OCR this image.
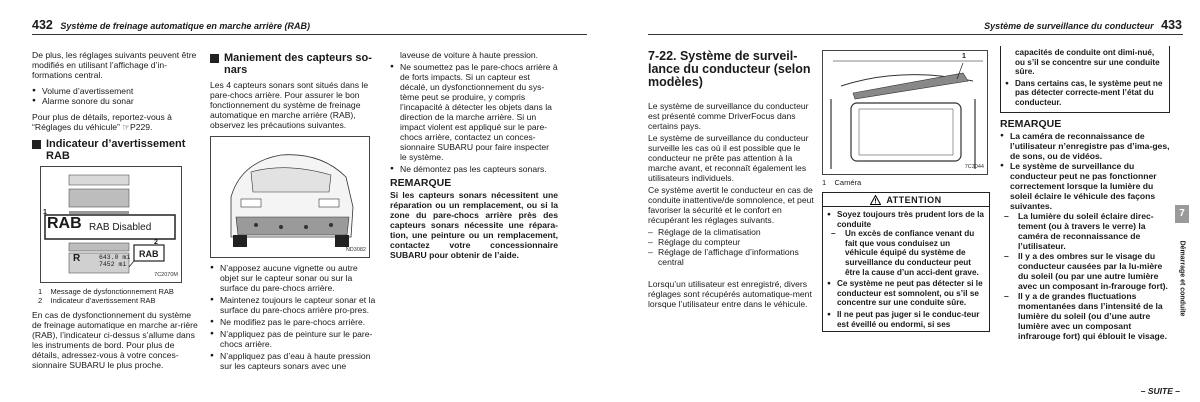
432 Système de freinage automatique en marche arrière (RAB)

De plus, les réglages suivants peuvent être modifiés en utilisant l’affichage d’in-formations central.

● Volume d’avertissement
● Alarme sonore du sonar

Pour plus de détails, reportez-vous à “Réglages du véhicule” ☞P229.

Indicateur d’avertissement RAB
1
RAB RAB Disabled
2
RAB
R	643.0 mi
7452 mi
7C2070M
1 Message de dysfonctionnement RAB
2 Indicateur d’avertissement RAB

En cas de dysfonctionnement du système de freinage automatique en marche ar-rière (RAB), l’indicateur ci-dessus s’allume dans les instruments de bord. Pour plus de détails, adressez-vous à votre conces-sionnaire SUBARU le plus proche.

Maniement des capteurs so-nars

Les 4 capteurs sonars sont situés dans le pare-chocs arrière. Pour assurer le bon fonctionnement du système de freinage automatique en marche arrière (RAB), observez les précautions suivantes.

ND3082
● N’apposez aucune vignette ou autre objet sur le capteur sonar ou sur la surface du pare-chocs arrière.
● Maintenez toujours le capteur sonar et la surface du pare-chocs arrière pro-pres.
● Ne modifiez pas le pare-chocs arrière.
● N’appliquez pas de peinture sur le pare-chocs arrière.
● N’appliquez pas d’eau à haute pression sur les capteurs sonars avec une

laveuse de voiture à haute pression.

● Ne soumettez pas le pare-chocs arrière à de forts impacts. Si un capteur est décalé, un dysfonctionnement du sys-tème peut se produire, y compris l’incapacité à détecter les objets dans la direction de la marche arrière. Si un impact violent est appliqué sur le pare-chocs arrière, contactez un conces-sionnaire SUBARU pour faire inspecter le système.
● Ne démontez pas les capteurs sonars.
REMARQUE

Si les capteurs sonars nécessitent une réparation ou un remplacement, ou si la zone du pare-chocs arrière près des capteurs sonars nécessite une répara-tion, une peinture ou un remplacement, contactez votre concessionnaire SUBARU pour obtenir de l’aide.

Système de surveillance du conducteur 433
7-22. Système de surveil-lance du conducteur (selon modèles)

Le système de surveillance du conducteur est présenté comme DriverFocus dans certains pays.

Le système de surveillance du conducteur surveille les cas où il est possible que le conducteur ne prête pas attention à la marche avant, et reconnaît également les utilisateurs individuels.

Ce système avertit le conducteur en cas de conduite inattentive/de somnolence, et peut favoriser la sécurité et le confort en récupérant les réglages suivants.

– Réglage de la climatisation
– Réglage du compteur
– Réglage de l’affichage d’informations central

Lorsqu’un utilisateur est enregistré, divers réglages sont récupérés automatique-ment lorsque l’utilisateur entre dans le véhicule.

1
7C3044
1 Caméra
ATTENTION
● Soyez toujours très prudent lors de la conduite
– Un excès de confiance venant du fait que vous conduisez un véhicule équipé du système de surveillance du conducteur peut être la cause d’un acci-dent grave.
● Ce système ne peut pas détecter si le conducteur est somnolent, ou s’il se concentre sur une conduite sûre.
● Il ne peut pas juger si le conduc-teur est éveillé ou endormi, si ses

capacités de conduite ont dimi-nué, ou s’il se concentre sur une conduite sûre.

● Dans certains cas, le système peut ne pas détecter correcte-ment l’état du conducteur.
REMARQUE
● La caméra de reconnaissance de l’utilisateur n’enregistre pas d’ima-ges, de sons, ou de vidéos.
● Le système de surveillance du conducteur peut ne pas fonctionner correctement lorsque la lumière du soleil éclaire le véhicule des façons suivantes.
– La lumière du soleil éclaire direc-tement (ou à travers le verre) la caméra de reconnaissance de l’utilisateur.
– Il y a des ombres sur le visage du conducteur causées par la lu-mière du soleil (ou par une autre lumière avec un composant in-frarouge fort).
– Il y a de grandes fluctuations momentanées dans l’intensité de la lumière du soleil (ou d’une autre lumière avec un composant infrarouge fort) qui éblouit le visage.
– SUITE –
7
Démarrage et conduite
